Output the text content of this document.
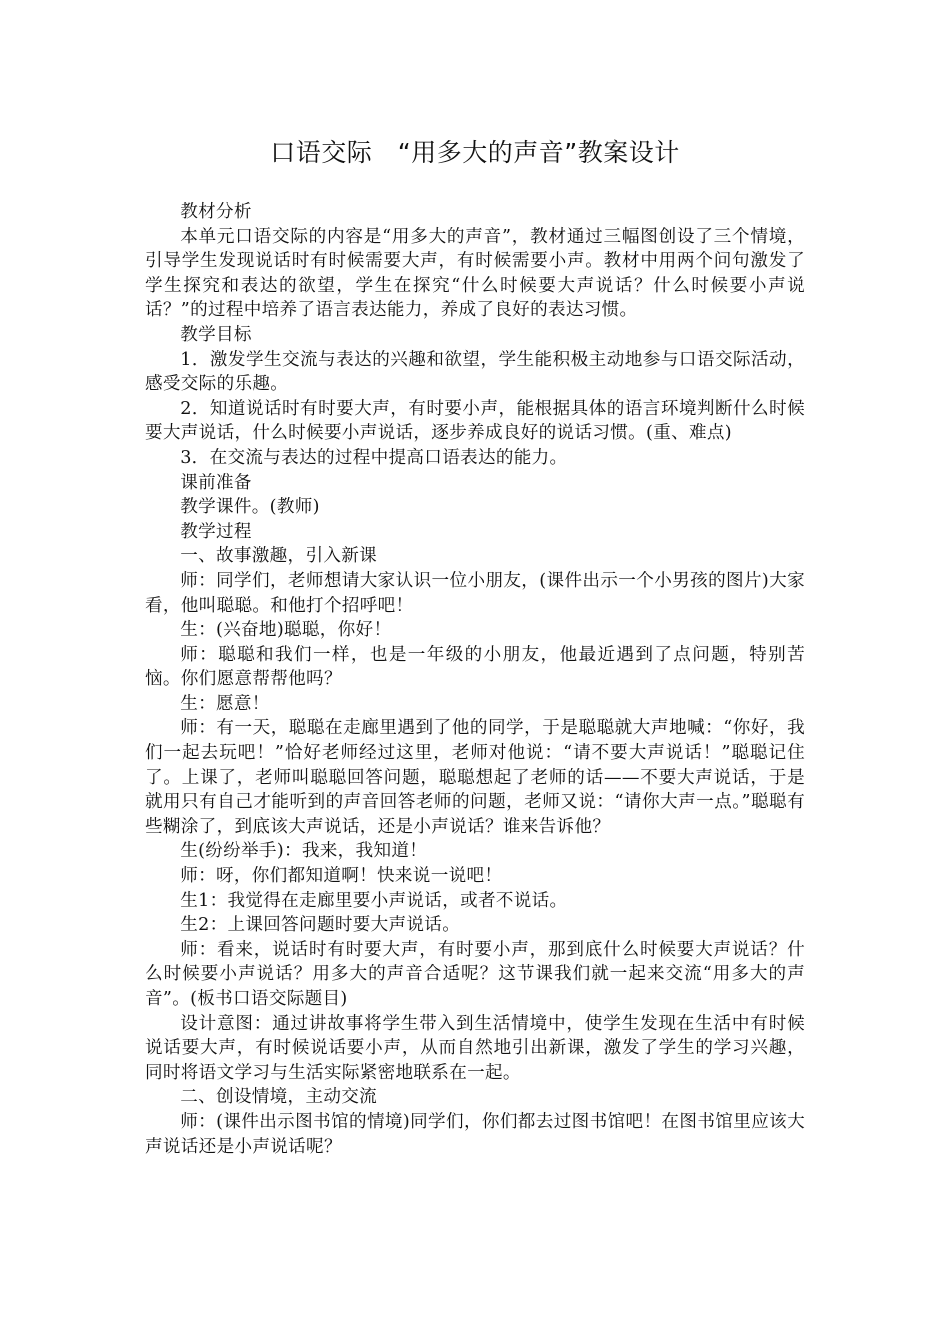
口语交际　“用多大的声音”教案设计

教材分析

本单元口语交际的内容是“用多大的声音”，教材通过三幅图创设了三个情境，引导学生发现说话时有时候需要大声，有时候需要小声。教材中用两个问句激发了学生探究和表达的欲望，学生在探究“什么时候要大声说话？什么时候要小声说话？”的过程中培养了语言表达能力，养成了良好的表达习惯。

教学目标

1．激发学生交流与表达的兴趣和欲望，学生能积极主动地参与口语交际活动，感受交际的乐趣。

2．知道说话时有时要大声，有时要小声，能根据具体的语言环境判断什么时候要大声说话，什么时候要小声说话，逐步养成良好的说话习惯。(重、难点)

3．在交流与表达的过程中提高口语表达的能力。

课前准备

教学课件。(教师)

教学过程

一、故事激趣，引入新课

师：同学们，老师想请大家认识一位小朋友，(课件出示一个小男孩的图片)大家看，他叫聪聪。和他打个招呼吧！

生：(兴奋地)聪聪，你好！

师：聪聪和我们一样，也是一年级的小朋友，他最近遇到了点问题，特别苦恼。你们愿意帮帮他吗？

生：愿意！

师：有一天，聪聪在走廊里遇到了他的同学，于是聪聪就大声地喊：“你好，我们一起去玩吧！”恰好老师经过这里，老师对他说：“请不要大声说话！”聪聪记住了。上课了，老师叫聪聪回答问题，聪聪想起了老师的话——不要大声说话，于是就用只有自己才能听到的声音回答老师的问题，老师又说：“请你大声一点。”聪聪有些糊涂了，到底该大声说话，还是小声说话？谁来告诉他？

生(纷纷举手)：我来，我知道！

师：呀，你们都知道啊！快来说一说吧！

生1：我觉得在走廊里要小声说话，或者不说话。

生2：上课回答问题时要大声说话。

师：看来，说话时有时要大声，有时要小声，那到底什么时候要大声说话？什么时候要小声说话？用多大的声音合适呢？这节课我们就一起来交流“用多大的声音”。(板书口语交际题目)

设计意图：通过讲故事将学生带入到生活情境中，使学生发现在生活中有时候说话要大声，有时候说话要小声，从而自然地引出新课，激发了学生的学习兴趣，同时将语文学习与生活实际紧密地联系在一起。

二、创设情境，主动交流

师：(课件出示图书馆的情境)同学们，你们都去过图书馆吧！在图书馆里应该大声说话还是小声说话呢？
